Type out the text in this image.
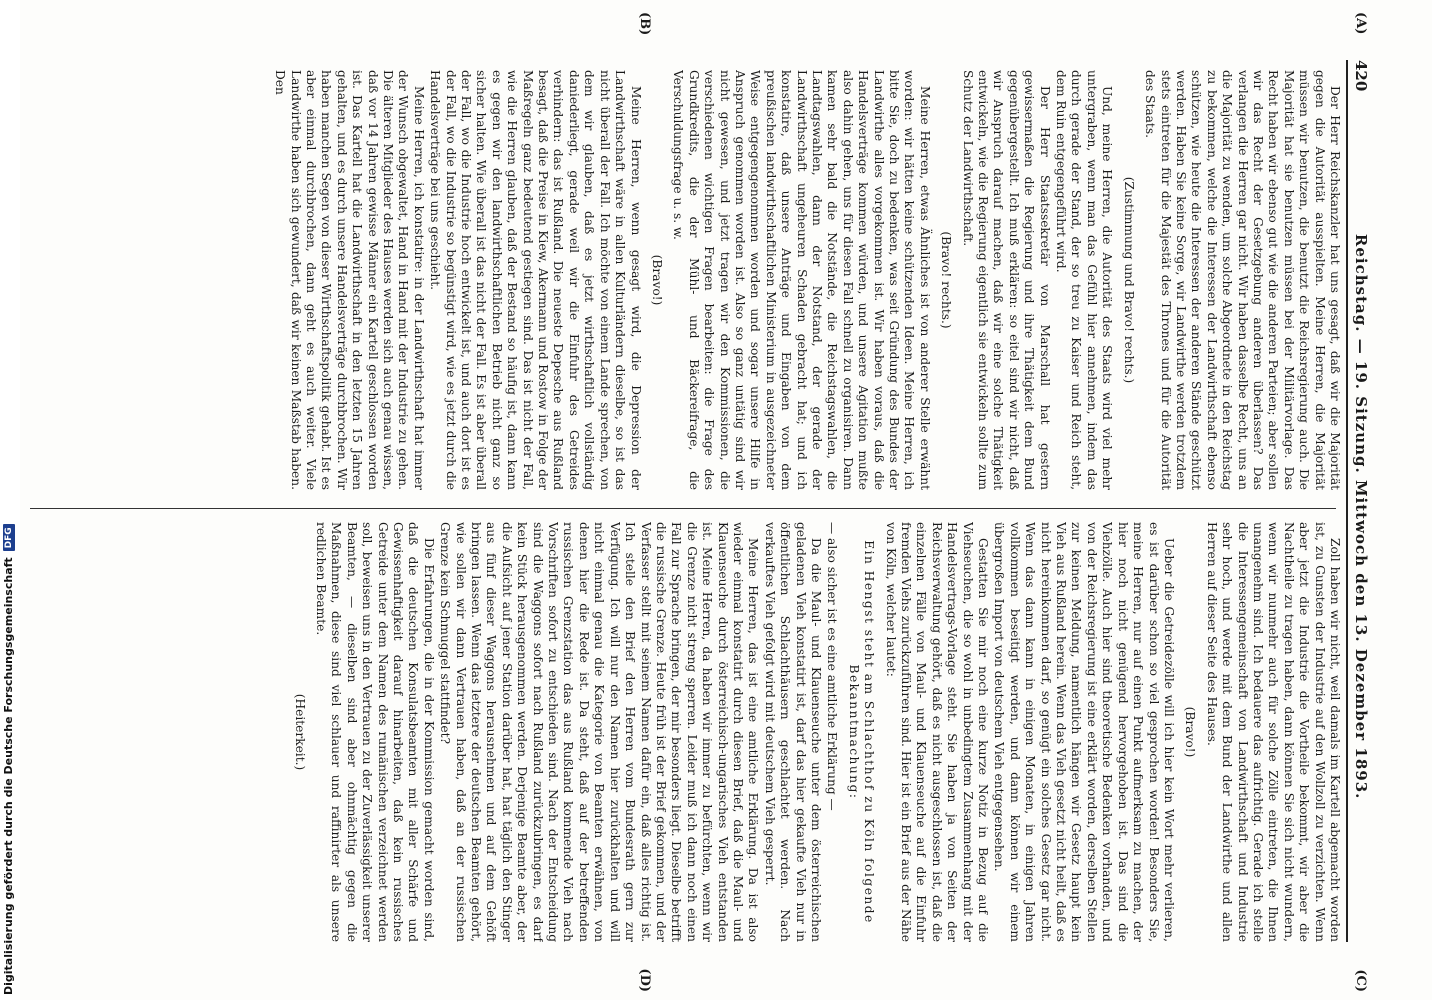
420
Reichstag. — 19. Sitzung. Mittwoch den 13. Dezember 1893.
(A)
(B)
(C)
(D)

Der Herr Reichskanzler hat uns gesagt, daß wir die Majorität gegen die Autorität ausspielten. Meine Herren, die Majorität müssen wir benutzen, die benutzt die Reichsregierung auch. Die Majorität hat sie benutzen müssen bei der Militärvorlage. Das Recht haben wir ebenso gut wie die anderen Parteien; aber sollen wir das Recht der Gesetzgebung anderen überlassen? Das verlangen die Herren gar nicht. Wir haben dasselbe Recht, uns an die Majorität zu wenden, um solche Abgeordnete in den Reichstag zu bekommen, welche die Interessen der Landwirthschaft ebenso schützen, wie heute die Interessen der anderen Stände geschützt werden. Haben Sie keine Sorge, wir Landwirthe werden trotzdem stets eintreten für die Majestät des Thrones und für die Autorität des Staats.

(Zustimmung und Bravo! rechts.)

Und, meine Herren, die Autorität des Staats wird viel mehr untergraben, wenn man das Gefühl hier annehmen, indem das durch gerade der Stand, der so treu zu Kaiser und Reich steht, dem Ruin entgegengeführt wird.

Der Herr Staatssekretär von Marschall hat gestern gewissermaßen die Regierung und ihre Thätigkeit dem Bund gegenübergestellt. Ich muß erklären: so eitel sind wir nicht, daß wir Anspruch darauf machen, daß wir eine solche Thätigkeit entwickeln, wie die Regierung eigentlich sie entwickeln sollte zum Schutz der Landwirthschaft.

(Bravo! rechts.)

Meine Herren, etwas Ähnliches ist von anderer Stelle erwähnt worden: wir hätten keine schützenden Ideen. Meine Herren, ich bitte Sie, doch zu bedenken, was seit Gründung des Bundes der Landwirthe alles vorgekommen ist. Wir haben voraus, daß die Handelsverträge kommen würden, und unsere Agitation mußte also dahin gehen, uns für diesen Fall schnell zu organisiren. Dann kamen sehr bald die Notstände, die Reichstagswahlen, die Landtagswahlen, dann der Notstand, der gerade der Landwirthschaft ungeheuren Schaden gebracht hat; und ich konstatire, daß unsere Anträge und Eingaben von dem preußischen landwirthschaftlichen Ministerium in ausgezeichneter Weise entgegengenommen worden und sogar unsere Hilfe in Anspruch genommen worden ist. Also so ganz untätig sind wir nicht gewesen, und jetzt tragen wir den Kommissionen, die verschiedenen wichtigen Fragen bearbeiten: die Frage des Grundkredits, die der Mühl- und Bäckereifrage, die Verschuldungsfrage u. s. w.

(Bravo!)

Meine Herren, wenn gesagt wird, die Depression der Landwirthschaft wäre in allen Kulturländern dieselbe, so ist das nicht überall der Fall. Ich möchte von einem Lande sprechen, von dem wir glauben, daß es jetzt wirthschaftlich vollständig daniederliegt, gerade weil wir die Einfuhr des Getreides verhindern: das ist Rußland. Die neueste Depesche aus Rußland besagt, daß die Preise in Kiew, Akermann und Rostow in Folge der Maßregeln ganz bedeutend gestiegen sind. Das ist nicht der Fall, wie die Herren glauben, daß der Bestand so häufig ist, dann kann es gegen wir den landwirthschaftlichen Betrieb nicht ganz so sicher halten. Wie überall ist das nicht der Fall. Es ist aber überall der Fall, wo die Industrie hoch entwickelt ist, und auch dort ist es der Fall, wo die Industrie so begünstigt wird, wie es jetzt durch die Handelsverträge bei uns geschieht.

Meine Herren, ich konstatire: in der Landwirthschaft hat immer der Wunsch obgewaltet, Hand in Hand mit der Industrie zu gehen. Die älteren Mitglieder des Hauses werden sich auch genau wissen, daß vor 14 Jahren gewisse Männer ein Kartell geschlossen worden ist. Das Kartell hat die Landwirthschaft in den letzten 15 Jahren gehalten, und es durch unsere Handelsverträge durchbrochen. Wir haben manchen Segen von dieser Wirthschaftspolitik gehabt. Ist es aber einmal durchbrochen, dann geht es auch weiter. Viele Landwirthe haben sich gewundert, daß wir keinen Maßstab haben. Den

Zoll haben wir nicht, weil damals im Kartell abgemacht worden ist, zu Gunsten der Industrie auf den Wollzoll zu verzichten. Wenn aber jetzt die Industrie die Vortheile bekommt, wir aber die Nachtheile zu tragen haben, dann können Sie sich nicht wundern, wenn wir nunmehr auch für solche Zölle eintreten, die Ihnen unangenehm sind. Ich bedauere das aufrichtig. Gerade ich stelle die Interessengemeinschaft von Landwirthschaft und Industrie sehr hoch, und werde mit dem Bund der Landwirthe und allen Herren auf dieser Seite des Hauses.

(Bravo!)

Ueber die Getreidezölle will ich hier kein Wort mehr verlieren, es ist darüber schon so viel gesprochen worden! Besonders Sie, meine Herren, nur auf einen Punkt aufmerksam zu machen, der hier noch nicht genügend hervorgehoben ist. Das sind die Viehzölle. Auch hier sind theoretische Bedenken vorhanden, und von der Reichsregierung ist eine erklärt worden, derselben Stellen zur keinen Meldung, namentlich hängen wir Gesetz haupt kein Vieh aus Rußland herein. Wenn das Vieh gesetzt nicht heilt, daß es nicht hereinkommen darf, so genügt ein solches Gesetz gar nicht. Wenn das dann kann in einigen Monaten, in einigen Jahren vollkommen beseitigt werden, und dann können wir einem übergroßen Import von deutschem Vieh entgegensehen.

Gestatten Sie mir noch eine kurze Notiz in Bezug auf die Viehseuchen, die so wohl in unbedingtem Zusammenhang mit der Handelsvertrags-Vorlage steht. Sie haben ja von Seiten der Reichsverwaltung gehört, daß es nicht ausgeschlossen ist, daß die einzelnen Fälle von Maul- und Klauenseuche auf die Einfuhr fremden Viehs zurückzuführen sind. Hier ist ein Brief aus der Nähe von Köln, welcher lautet:

Ein Hengst steht am Schlachthof zu Köln folgende Bekanntmachung:

— also sicher ist es eine amtliche Erklärung —

Da die Maul- und Klauenseuche unter dem österreichischen geladenen Vieh konstatirt ist, darf das hier gekaufte Vieh nur in öffentlichen Schlachthäusern geschlachtet werden. Nach verkauftes Vieh gefolgt wird mit deutschem Vieh gesperrt.

Meine Herren, das ist eine amtliche Erklärung. Da ist also wieder einmal konstatirt durch diesen Brief, daß die Maul- und Klauenseuche durch österreichisch-ungarisches Vieh entstanden ist. Meine Herren, da haben wir immer zu befürchten, wenn wir die Grenze nicht streng sperren. Leider muß ich dann noch einen Fall zur Sprache bringen, der mir besonders liegt. Dieselbe betrifft die russische Grenze. Heute früh ist der Brief gekommen, und der Verfasser stellt mit seinem Namen dafür ein, daß alles richtig ist. Ich stelle den Brief den Herren vom Bundesrath gern zur Verfügung. Ich will nur den Namen hier zurückhalten und will nicht einmal genau die Kategorie von Beamten erwähnen, von denen hier die Rede ist. Da steht, daß auf der betreffenden russischen Grenzstation das aus Rußland kommende Vieh nach Vorschriften sofort zu entschieden sind. Nach der Entscheidung sind die Waggons sofort nach Rußland zurückzubringen, es darf kein Stück herausgenommen werden. Derjenige Beamte aber, der die Aufsicht auf jener Station darüber hat, hat täglich den Stinger aus fünf dieser Waggons herausnehmen und auf dem Gehöft bringen lassen. Wenn das letztere der deutschen Beamten gehört, wie sollen wir dann Vertrauen haben, daß an der russischen Grenze kein Schmuggel stattfindet?

Die Erfahrungen, die in der Kommission gemacht worden sind, daß die deutschen Konsulatsbeamten mit aller Schärfe und Gewissenhaftigkeit darauf hinarbeiten, daß kein russisches Getreide unter dem Namen des rumänischen verzeichnet werden soll, beweisen uns in den Vertrauen zu der Zuverlässigkeit unserer Beamten, — dieselben sind aber ohnmächtig gegen die Maßnahmen, diese sind viel schlauer und raffinirter als unsere redlichen Beamte.

(Heiterkeit.)

Digitalisierung gefördert durch die Deutsche Forschungsgemeinschaft
DFG
